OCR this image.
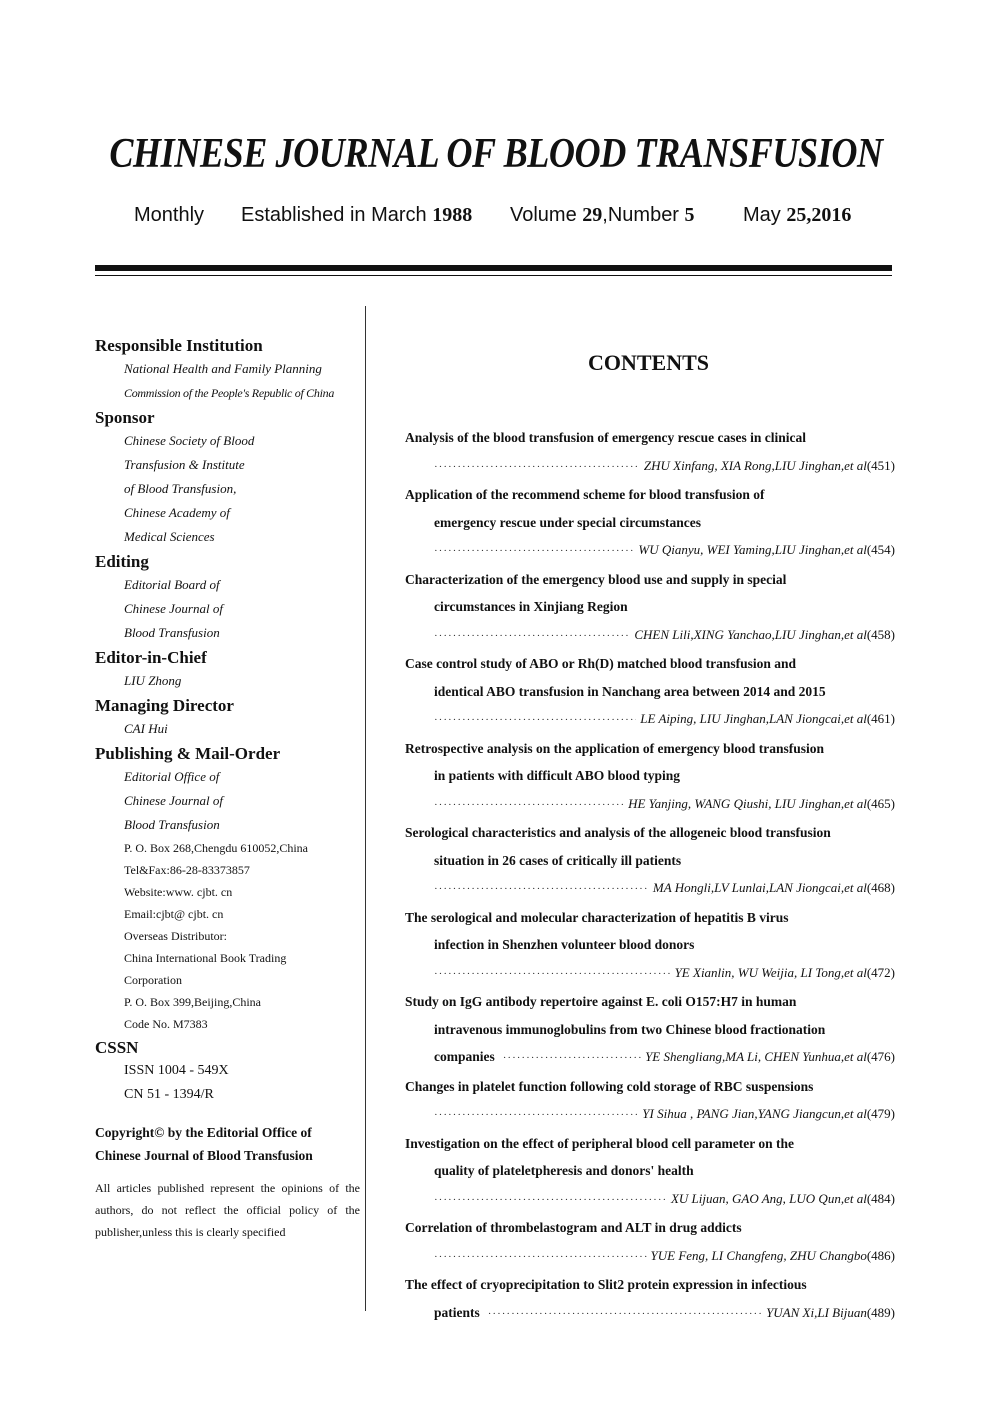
CHINESE JOURNAL OF BLOOD TRANSFUSION
Monthly Established in March 1988 Volume 29,Number 5 May 25,2016
Responsible Institution
National Health and Family Planning
Commission of the People's Republic of China
Sponsor
Chinese Society of Blood
Transfusion & Institute
of Blood Transfusion,
Chinese Academy of
Medical Sciences
Editing
Editorial Board of
Chinese Journal of
Blood Transfusion
Editor-in-Chief
LIU Zhong
Managing Director
CAI Hui
Publishing & Mail-Order
Editorial Office of
Chinese Journal of
Blood Transfusion
P. O. Box 268,Chengdu 610052,China
Tel&Fax:86-28-83373857
Website:www. cjbt. cn
Email:cjbt@ cjbt. cn
Overseas Distributor:
China International Book Trading
Corporation
P. O. Box 399,Beijing,China
Code No. M7383
CSSN
ISSN 1004 - 549X
CN 51 - 1394/R
Copyright© by the Editorial Office of
Chinese Journal of Blood Transfusion
All articles published represent the opinions of the authors, do not reflect the official policy of the publisher,unless this is clearly specified
CONTENTS
Analysis of the blood transfusion of emergency rescue cases in clinical
·····
ZHU Xinfang, XIA Rong,LIU Jinghan,et al (451)
Application of the recommend scheme for blood transfusion of
emergency rescue under special circumstances
·····
WU Qianyu, WEI Yaming,LIU Jinghan,et al (454)
Characterization of the emergency blood use and supply in special
circumstances in Xinjiang Region
·····
CHEN Lili,XING Yanchao,LIU Jinghan,et al (458)
Case control study of ABO or Rh(D) matched blood transfusion and
identical ABO transfusion in Nanchang area between 2014 and 2015
·····
LE Aiping, LIU Jinghan,LAN Jiongcai,et al (461)
Retrospective analysis on the application of emergency blood transfusion
in patients with difficult ABO blood typing
·····
HE Yanjing, WANG Qiushi, LIU Jinghan,et al (465)
Serological characteristics and analysis of the allogeneic blood transfusion
situation in 26 cases of critically ill patients
·····
MA Hongli,LV Lunlai,LAN Jiongcai,et al (468)
The serological and molecular characterization of hepatitis B virus
infection in Shenzhen volunteer blood donors
·····
YE Xianlin, WU Weijia, LI Tong,et al (472)
Study on IgG antibody repertoire against E. coli O157:H7 in human
intravenous immunoglobulins from two Chinese blood fractionation
companies ·····	YE Shengliang,MA Li, CHEN Yunhua,et al (476)
Changes in platelet function following cold storage of RBC suspensions
·····
YI Sihua , PANG Jian,YANG Jiangcun,et al (479)
Investigation on the effect of peripheral blood cell parameter on the
quality of plateletpheresis and donors' health
·····
XU Lijuan, GAO Ang, LUO Qun,et al (484)
Correlation of thrombelastogram and ALT in drug addicts
·····
YUE Feng, LI Changfeng, ZHU Changbo (486)
The effect of cryoprecipitation to Slit2 protein expression in infectious
patients ·····	YUAN Xi,LI Bijuan (489)
